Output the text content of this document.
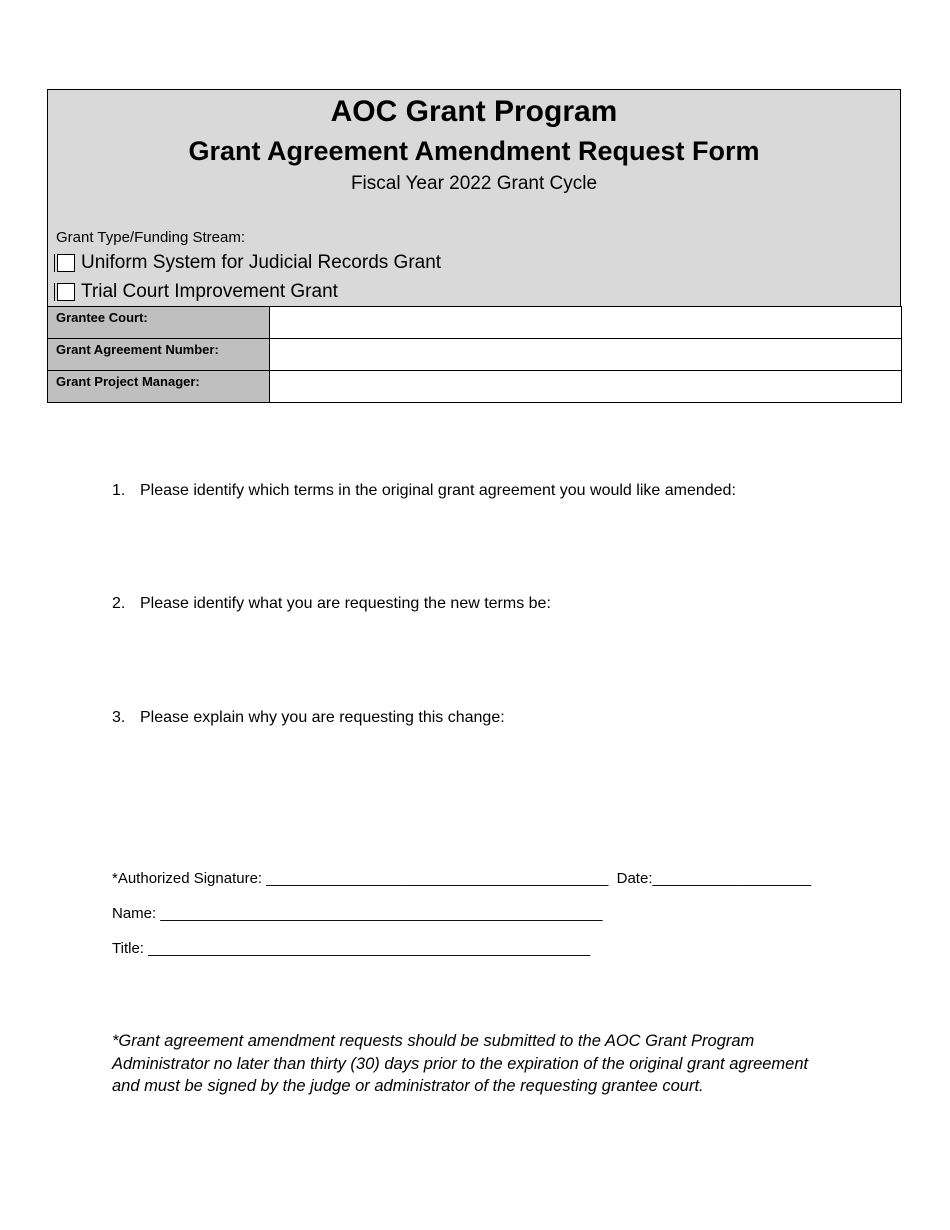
AOC Grant Program
Grant Agreement Amendment Request Form
Fiscal Year 2022 Grant Cycle
Grant Type/Funding Stream:
Uniform System for Judicial Records Grant
Trial Court Improvement Grant
Grantee Court:	
Grant Agreement Number:	
Grant Project Manager:	
1. Please identify which terms in the original grant agreement you would like amended:
2. Please identify what you are requesting the new terms be:
3. Please explain why you are requesting this change:
*Authorized Signature: _________________________________________  Date:___________________
Name: _____________________________________________________
Title: _____________________________________________________
*Grant agreement amendment requests should be submitted to the AOC Grant Program Administrator no later than thirty (30) days prior to the expiration of the original grant agreement and must be signed by the judge or administrator of the requesting grantee court.
